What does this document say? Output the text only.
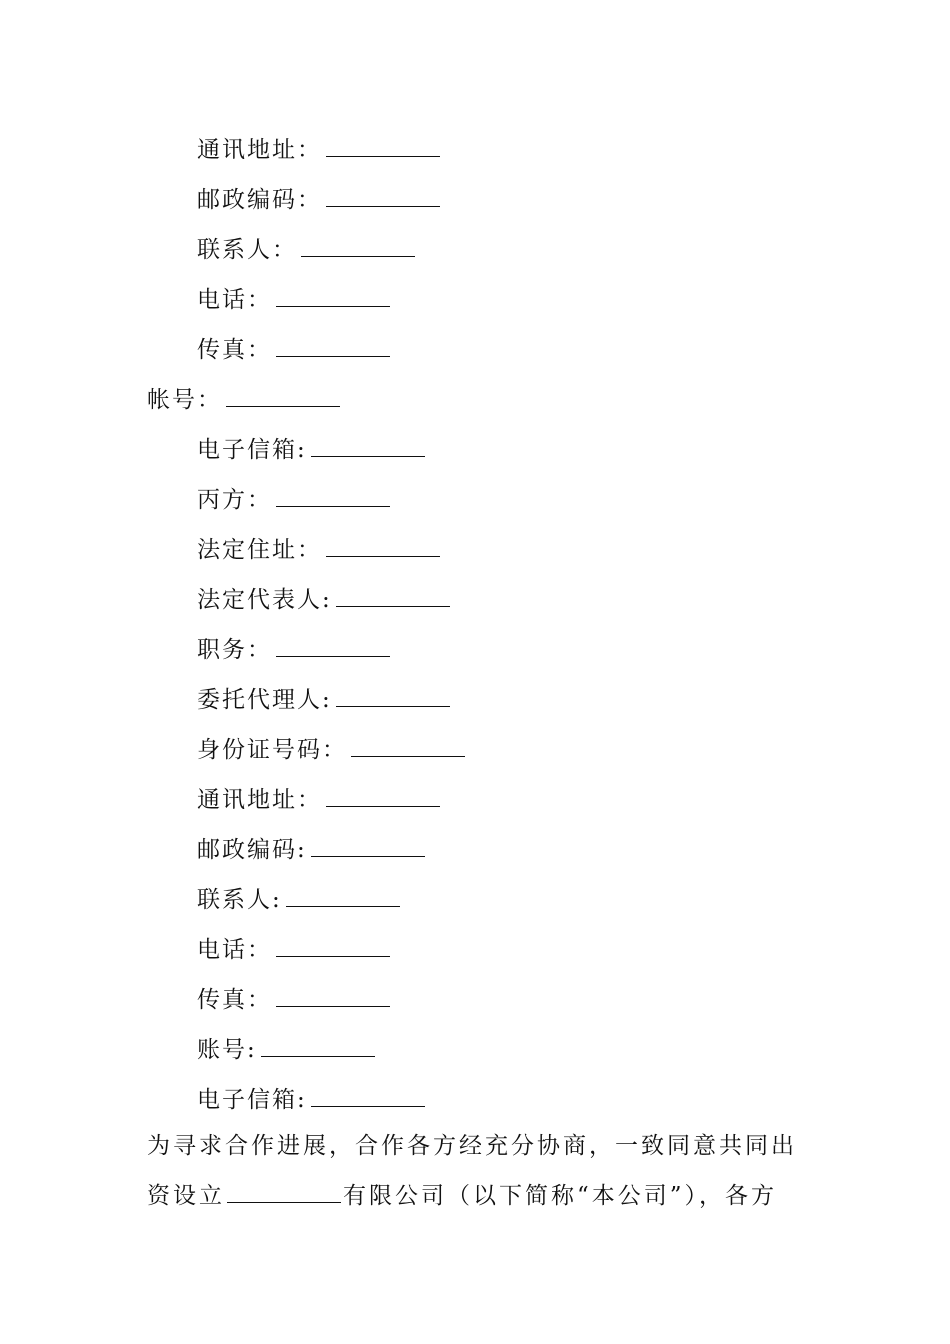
通讯地址：
邮政编码：
联系人：
电话：
传真：
帐号：
电子信箱:
丙方：
法定住址：
法定代表人:
职务：
委托代理人:
身份证号码：
通讯地址：
邮政编码:
联系人:
电话：
传真：
账号:
电子信箱:
为寻求合作进展，合作各方经充分协商，一致同意共同出
资设立	有限公司（以下简称“本公司”），各方
